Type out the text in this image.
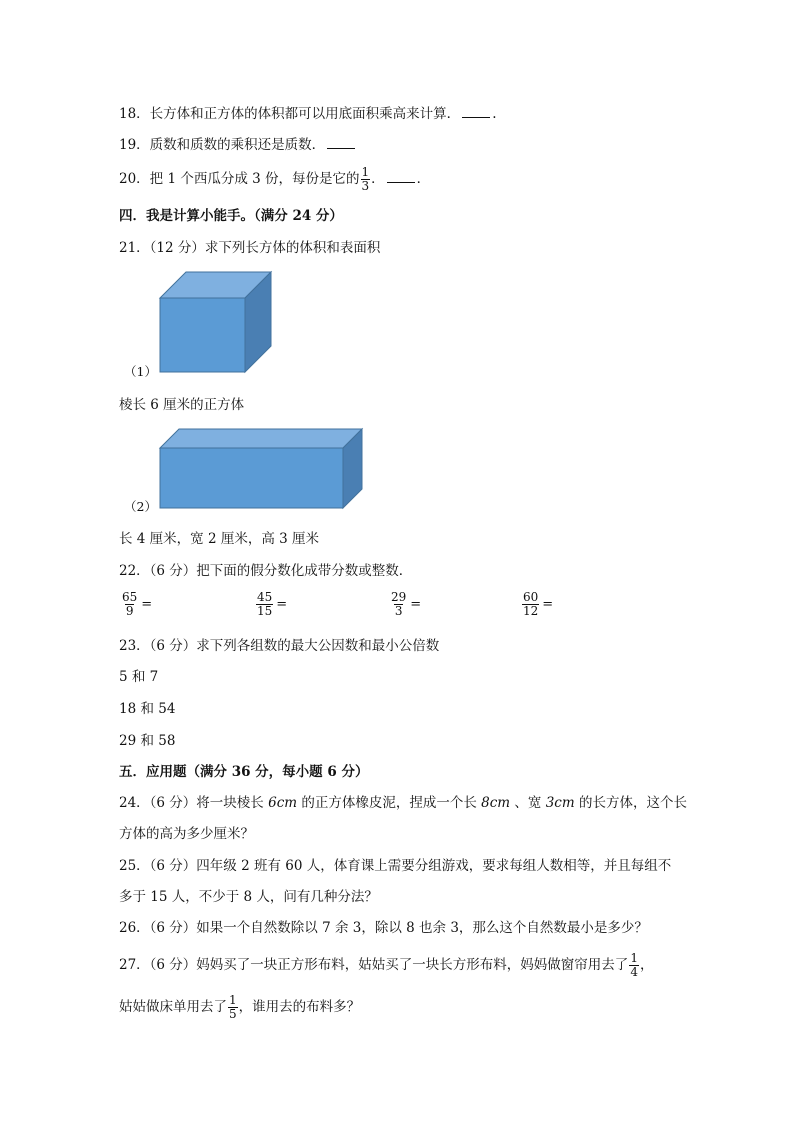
18．长方体和正方体的体积都可以用底面积乘高来计算． .
19．质数和质数的乘积还是质数．
20．把 1 个西瓜分成 3 份，每份是它的 $\frac{1}{3}$ ． ．
四．我是计算小能手。（满分 24 分）
21．（12 分）求下列长方体的体积和表面积
（1）
棱长 6 厘米的正方体
（2）
长 4 厘米，宽 2 厘米，高 3 厘米
22．（6 分）把下面的假分数化成带分数或整数．
$\frac{65}{9}$ =	$\frac{45}{15}$ =	$\frac{29}{3}$ =	$\frac{60}{12}$ =
23．（6 分）求下列各组数的最大公因数和最小公倍数
5 和 7
18 和 54
29 和 58
五．应用题（满分 36 分，每小题 6 分）
24．（6 分）将一块棱长 6cm 的正方体橡皮泥，捏成一个长 8cm 、宽 3cm 的长方体，这个长
方体的高为多少厘米？
25．（6 分）四年级 2 班有 60 人，体育课上需要分组游戏，要求每组人数相等，并且每组不
多于 15 人，不少于 8 人，问有几种分法？
26．（6 分）如果一个自然数除以 7 余 3，除以 8 也余 3，那么这个自然数最小是多少？
27．（6 分）妈妈买了一块正方形布料，姑姑买了一块长方形布料，妈妈做窗帘用去了 $\frac{1}{4}$ ，
姑姑做床单用去了 $\frac{1}{5}$ ，谁用去的布料多？
